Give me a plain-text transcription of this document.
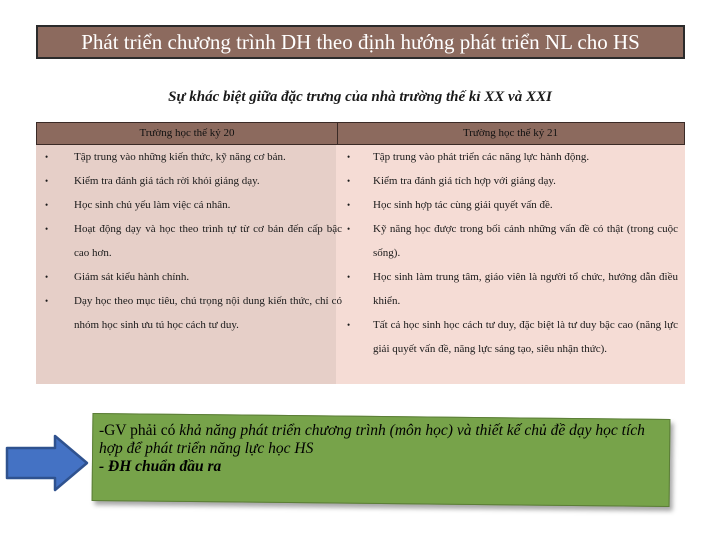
Phát triển chương trình DH theo định hướng phát triển NL cho HS
Sự khác biệt giữa đặc trưng của nhà trường thế kỉ XX và XXI
Trường học thế kỷ 20	Trường học thế kỷ 21
• Tập trung vào những kiến thức, kỹ năng cơ bản.
• Kiểm tra đánh giá tách rời khỏi giảng dạy.
• Học sinh chủ yếu làm việc cá nhân.
• Hoạt động dạy và học theo trình tự từ cơ bản đến cấp bậc cao hơn.
• Giám sát kiểu hành chính.
• Dạy học theo mục tiêu, chú trọng nội dung kiến thức, chỉ có nhóm học sinh ưu tú học cách tư duy.
• Tập trung vào phát triển các năng lực hành động.
• Kiểm tra đánh giá tích hợp với giảng dạy.
• Học sinh hợp tác cùng giải quyết vấn đề.
• Kỹ năng học được trong bối cảnh những vấn đề có thật (trong cuộc sống).
• Học sinh làm trung tâm, giáo viên là người tổ chức, hướng dẫn điều khiển.
• Tất cả học sinh học cách tư duy, đặc biệt là tư duy bậc cao (năng lực giải quyết vấn đề, năng lực sáng tạo, siêu nhận thức).
-GV phải có khả năng phát triển chương trình (môn học) và thiết kế chủ đề dạy học tích hợp để phát triển năng lực học HS
- ĐH chuẩn đầu ra
